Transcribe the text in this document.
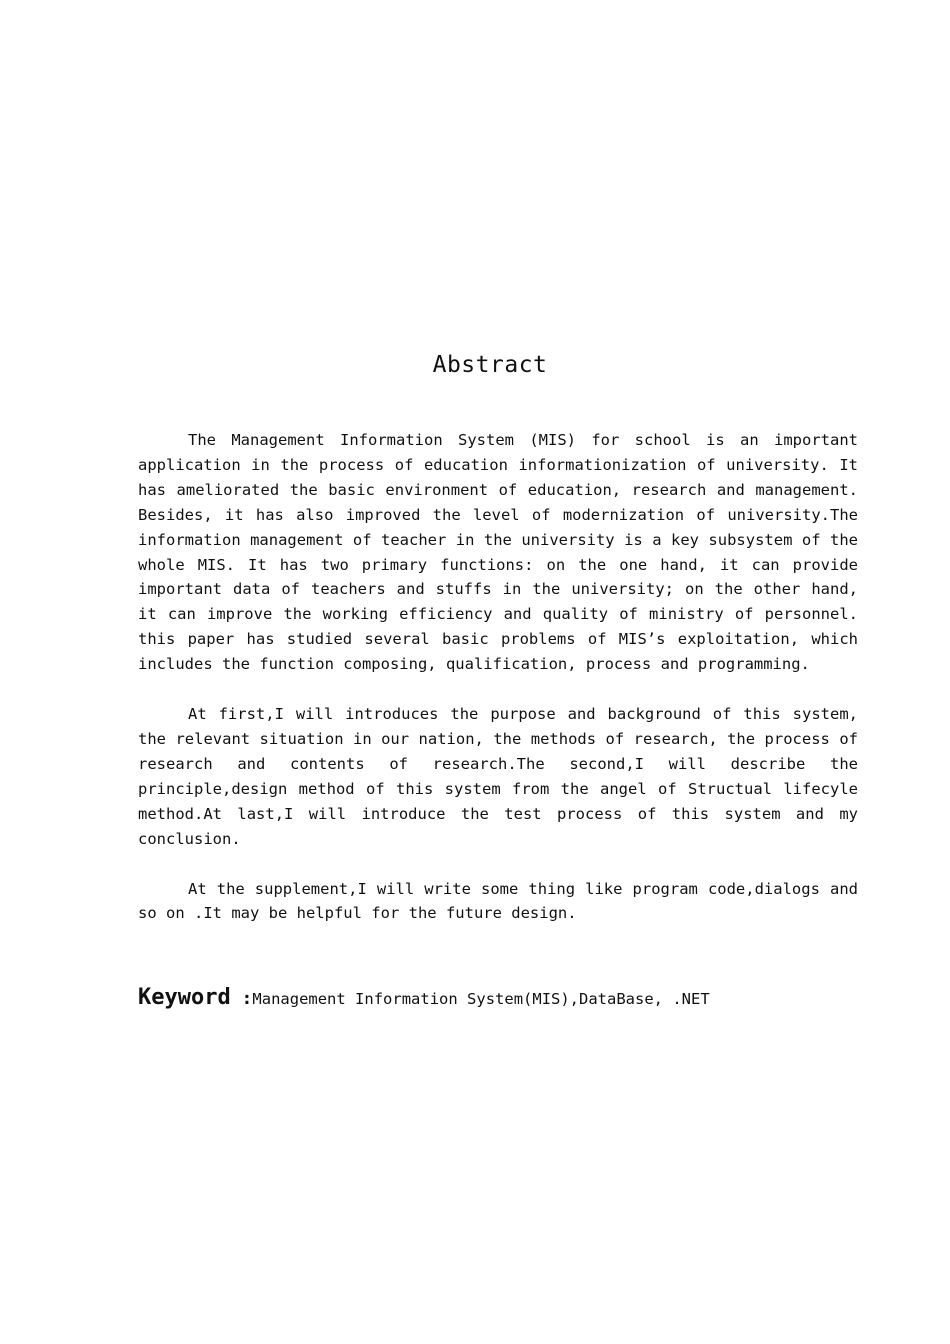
Abstract

The Management Information System (MIS) for school is an important application in the process of education informationization of university. It has ameliorated the basic environment of education, research and management. Besides, it has also improved the level of modernization of university.The information management of teacher in the university is a key subsystem of the whole MIS. It has two primary functions: on the one hand, it can provide important data of teachers and stuffs in the university; on the other hand, it can improve the working efficiency and quality of ministry of personnel. this paper has studied several basic problems of MIS’s exploitation, which includes the function composing, qualification, process and programming.

At first,I will introduces the purpose and background of this system, the relevant situation in our nation, the methods of research, the process of research and contents of research.The second,I will describe the principle,design method of this system from the angel of Structual lifecyle method.At last,I will introduce the test process of this system and my conclusion.

At the supplement,I will write some thing like program code,dialogs and so on .It may be helpful for the future design.

Keyword :Management Information System(MIS),DataBase, .NET
